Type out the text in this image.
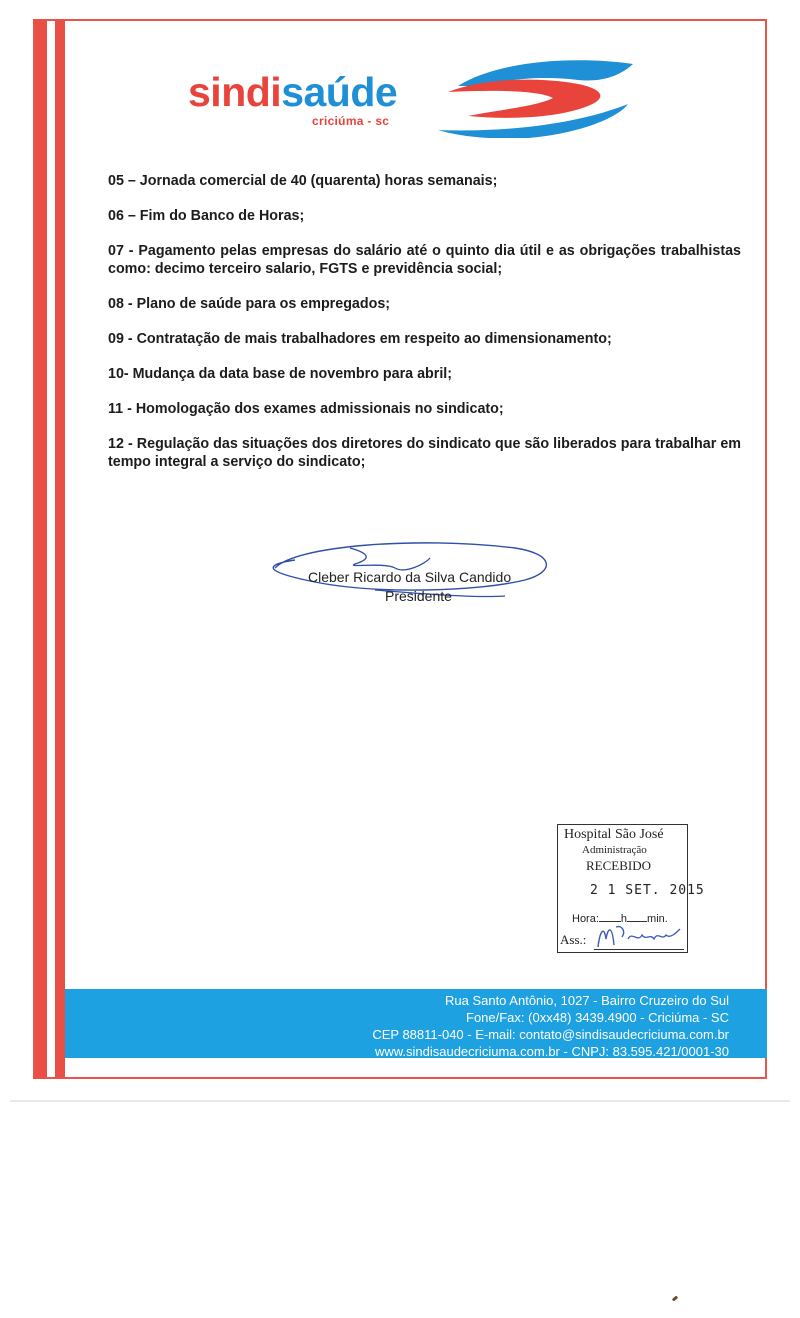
sindisaúde
criciúma - sc

05 – Jornada comercial de 40 (quarenta) horas semanais;

06 – Fim do Banco de Horas;

07 - Pagamento pelas empresas do salário até o quinto dia útil e as obrigações trabalhistas como: decimo terceiro salario, FGTS e previdência social;

08 - Plano de saúde para os empregados;

09 - Contratação de mais trabalhadores em respeito ao dimensionamento;

10- Mudança da data base de novembro para abril;

11 - Homologação dos exames admissionais no sindicato;

12 - Regulação das situações dos diretores do sindicato que são liberados para trabalhar em tempo integral a serviço do sindicato;

Cleber Ricardo da Silva Candido
Presidente
Hospital São José
Administração
RECEBIDO
2 1 SET. 2015
Hora: h min.
Ass.:
Rua Santo Antônio, 1027 - Bairro Cruzeiro do Sul
Fone/Fax: (0xx48) 3439.4900 - Criciúma - SC
CEP 88811-040 - E-mail: contato@sindisaudecriciuma.com.br
www.sindisaudecriciuma.com.br - CNPJ: 83.595.421/0001-30
